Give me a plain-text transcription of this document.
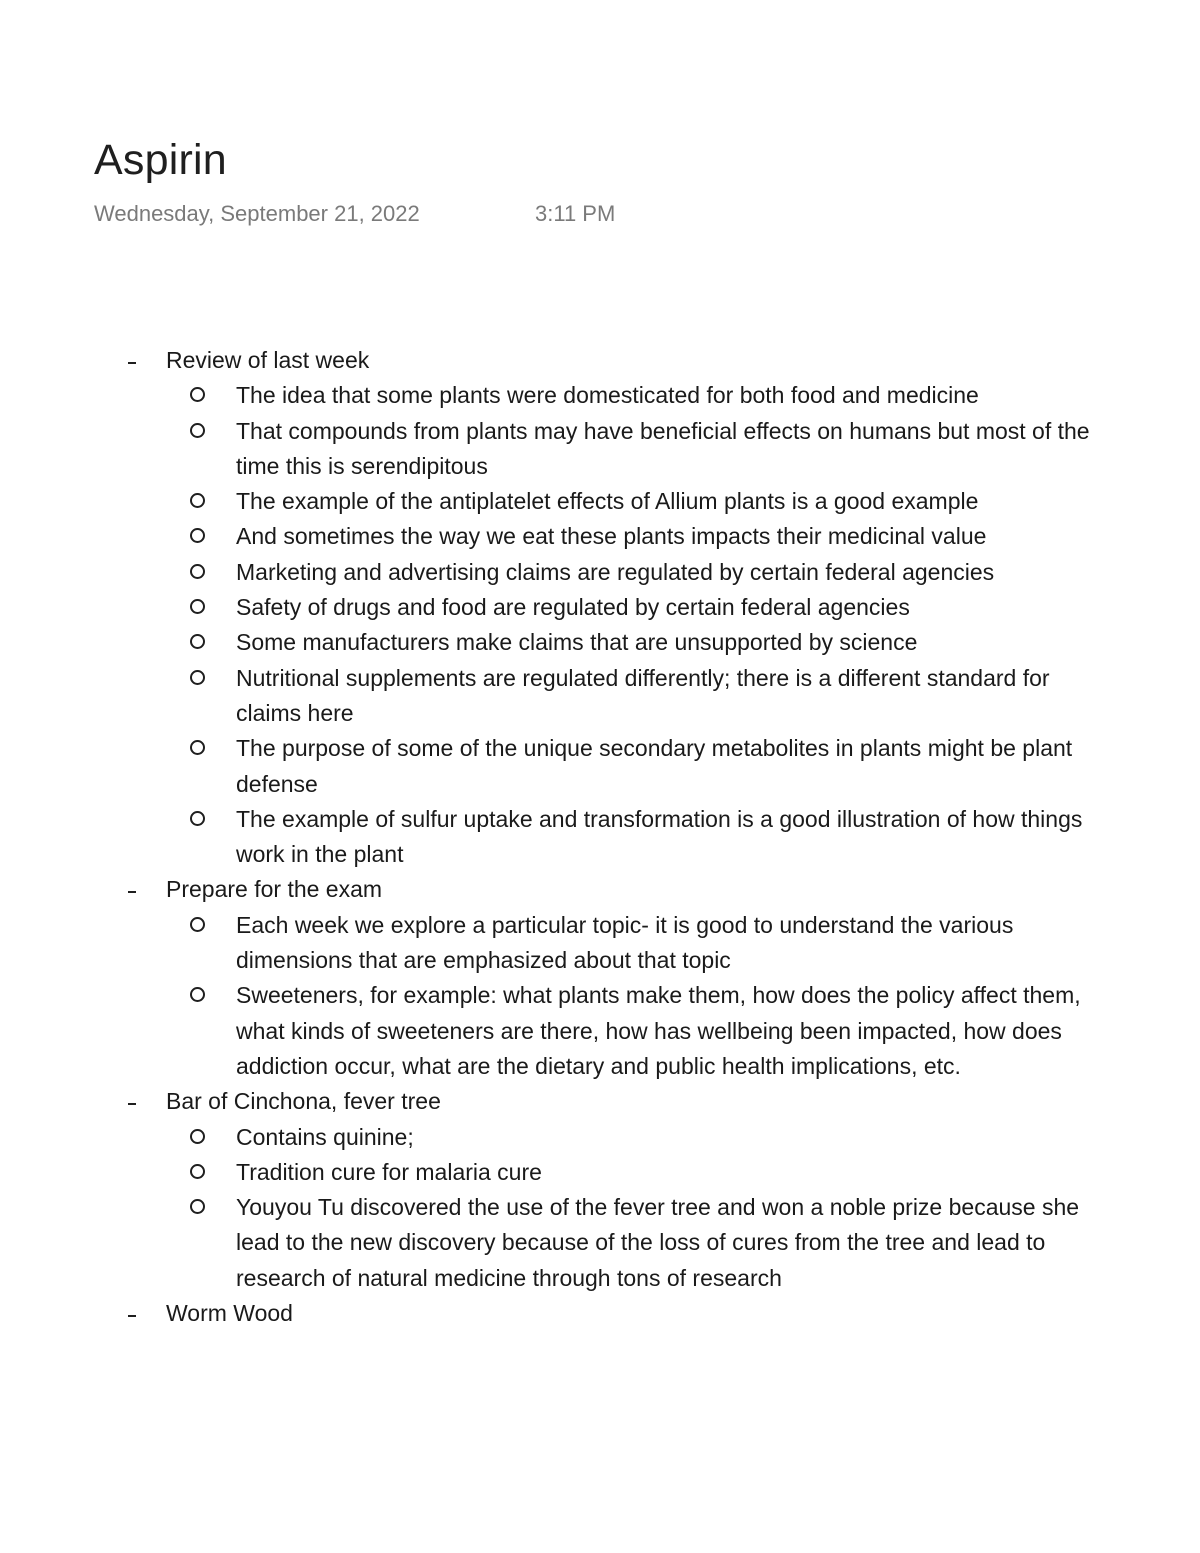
Aspirin
Wednesday, September 21, 2022	3:11 PM
Review of last week
The idea that some plants were domesticated for both food and medicine
That compounds from plants may have beneficial effects on humans but most of the time this is serendipitous
The example of the antiplatelet effects of Allium plants is a good example
And sometimes the way we eat these plants impacts their medicinal value
Marketing and advertising claims are regulated by certain federal agencies
Safety of drugs and food are regulated by certain federal agencies
Some manufacturers make claims that are unsupported by science
Nutritional supplements are regulated differently; there is a different standard for claims here
The purpose of some of the unique secondary metabolites in plants might be plant defense
The example of sulfur uptake and transformation is a good illustration of how things work in the plant
Prepare for the exam
Each week we explore a particular topic- it is good to understand the various dimensions that are emphasized about that topic
Sweeteners, for example: what plants make them, how does the policy affect them, what kinds of sweeteners are there, how has wellbeing been impacted, how does addiction occur, what are the dietary and public health implications, etc.
Bar of Cinchona, fever tree
Contains quinine;
Tradition cure for malaria cure
Youyou Tu discovered the use of the fever tree and won a noble prize because she lead to the new discovery because of the loss of cures from the tree and lead to research of natural medicine through tons of research
Worm Wood
